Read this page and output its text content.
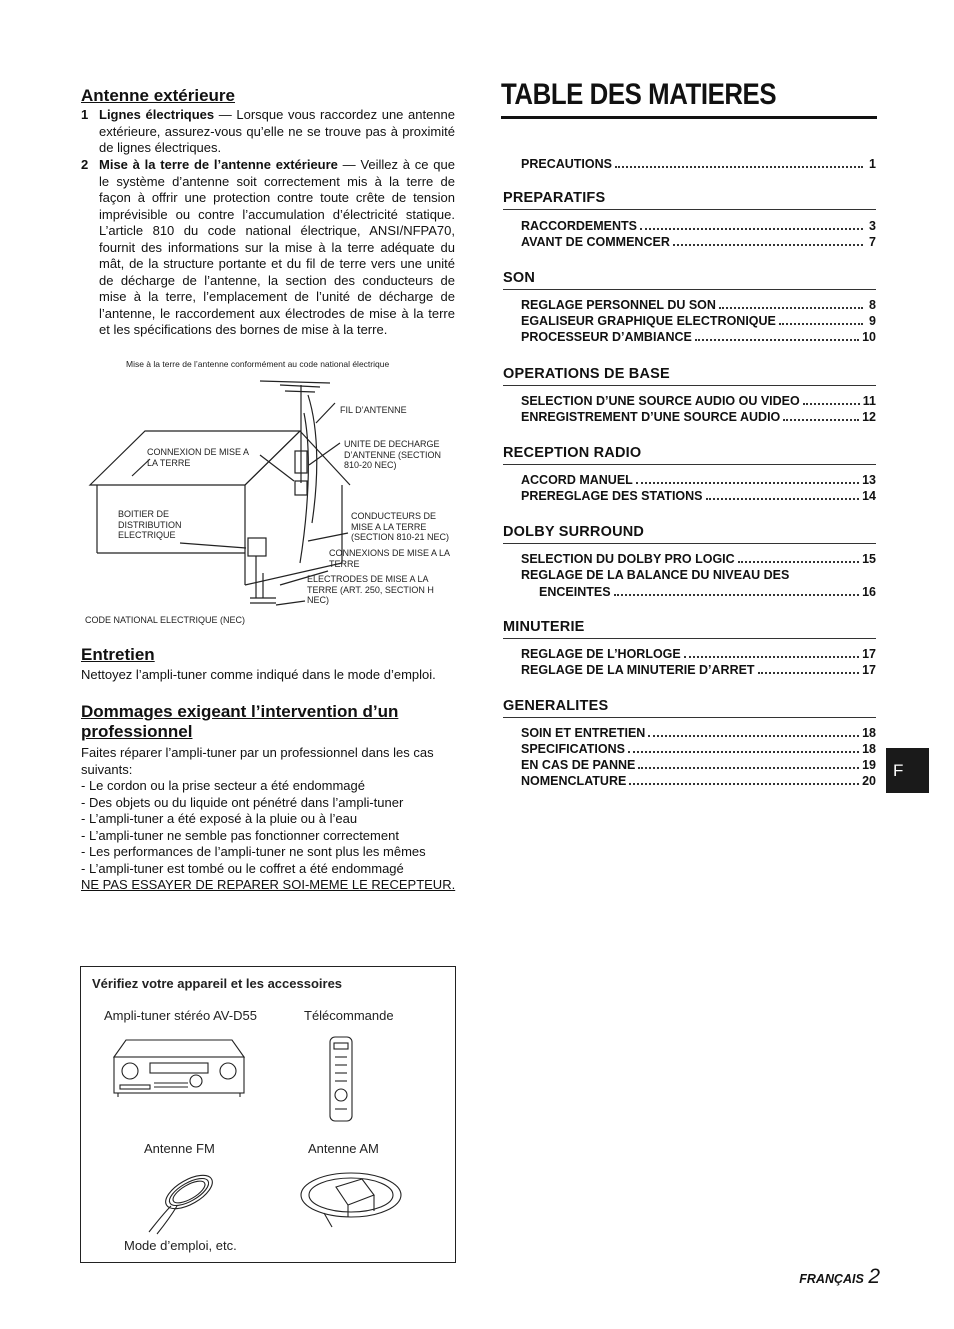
Antenne extérieure
1 Lignes électriques — Lorsque vous raccordez une antenne extérieure, assurez-vous qu’elle ne se trouve pas à proximité de lignes électriques.
2 Mise à la terre de l’antenne extérieure — Veillez à ce que le système d’antenne soit correctement mis à la terre de façon à offrir une protection contre toute crête de tension imprévisible ou contre l’accumulation d’électricité statique. L’article 810 du code national électrique, ANSI/NFPA70, fournit des informations sur la mise à la terre adéquate du mât, de la structure portante et du fil de terre vers une unité de décharge de l’antenne, la section des conducteurs de mise à la terre, l’emplacement de l’unité de décharge de l’antenne, le raccordement aux électrodes de mise à la terre et les spécifications des bornes de mise à la terre.
Mise à la terre de l’antenne conformément au code national électrique
FIL D’ANTENNE
CONNEXION DE MISE A
LA TERRE
UNITE DE DECHARGE
D’ANTENNE (SECTION
810-20 NEC)
BOITIER DE
DISTRIBUTION
ELECTRIQUE
CONDUCTEURS DE
MISE A LA TERRE
(SECTION 810-21 NEC)
CONNEXIONS DE MISE A LA
TERRE
ELECTRODES DE MISE A LA
TERRE (ART. 250, SECTION H
NEC)
CODE NATIONAL ELECTRIQUE (NEC)
Entretien
Nettoyez l’ampli-tuner comme indiqué dans le mode d’emploi.
Dommages exigeant l’intervention d’un
professionnel
Faites réparer l’ampli-tuner par un professionnel dans les cas
suivants:
- Le cordon ou la prise secteur a été endommagé
- Des objets ou du liquide ont pénétré dans l’ampli-tuner
- L’ampli-tuner a été exposé à la pluie ou à l’eau
- L’ampli-tuner ne semble pas fonctionner correctement
- Les performances de l’ampli-tuner ne sont plus les mêmes
- L’ampli-tuner est tombé ou le coffret a été endommagé
NE PAS ESSAYER DE REPARER SOI-MEME LE RECEPTEUR.
Vérifiez votre appareil et les accessoires
Ampli-tuner stéréo AV-D55	Télécommande
Antenne FM	Antenne AM
Mode d’emploi, etc.
TABLE DES MATIERES
PRECAUTIONS	1
PREPARATIFS
RACCORDEMENTS	3
AVANT DE COMMENCER	7
SON
REGLAGE PERSONNEL DU SON	8
EGALISEUR GRAPHIQUE ELECTRONIQUE	9
PROCESSEUR D’AMBIANCE	10
OPERATIONS DE BASE
SELECTION D’UNE SOURCE AUDIO OU VIDEO	11
ENREGISTREMENT D’UNE SOURCE AUDIO	12
RECEPTION RADIO
ACCORD MANUEL	13
PREREGLAGE DES STATIONS	14
DOLBY SURROUND
SELECTION DU DOLBY PRO LOGIC	15
REGLAGE DE LA BALANCE DU NIVEAU DES
ENCEINTES	16
MINUTERIE
REGLAGE DE L’HORLOGE	17
REGLAGE DE LA MINUTERIE D’ARRET	17
GENERALITES
SOIN ET ENTRETIEN	18
SPECIFICATIONS	18
EN CAS DE PANNE	19
NOMENCLATURE	20
F
FRANÇAIS 2
